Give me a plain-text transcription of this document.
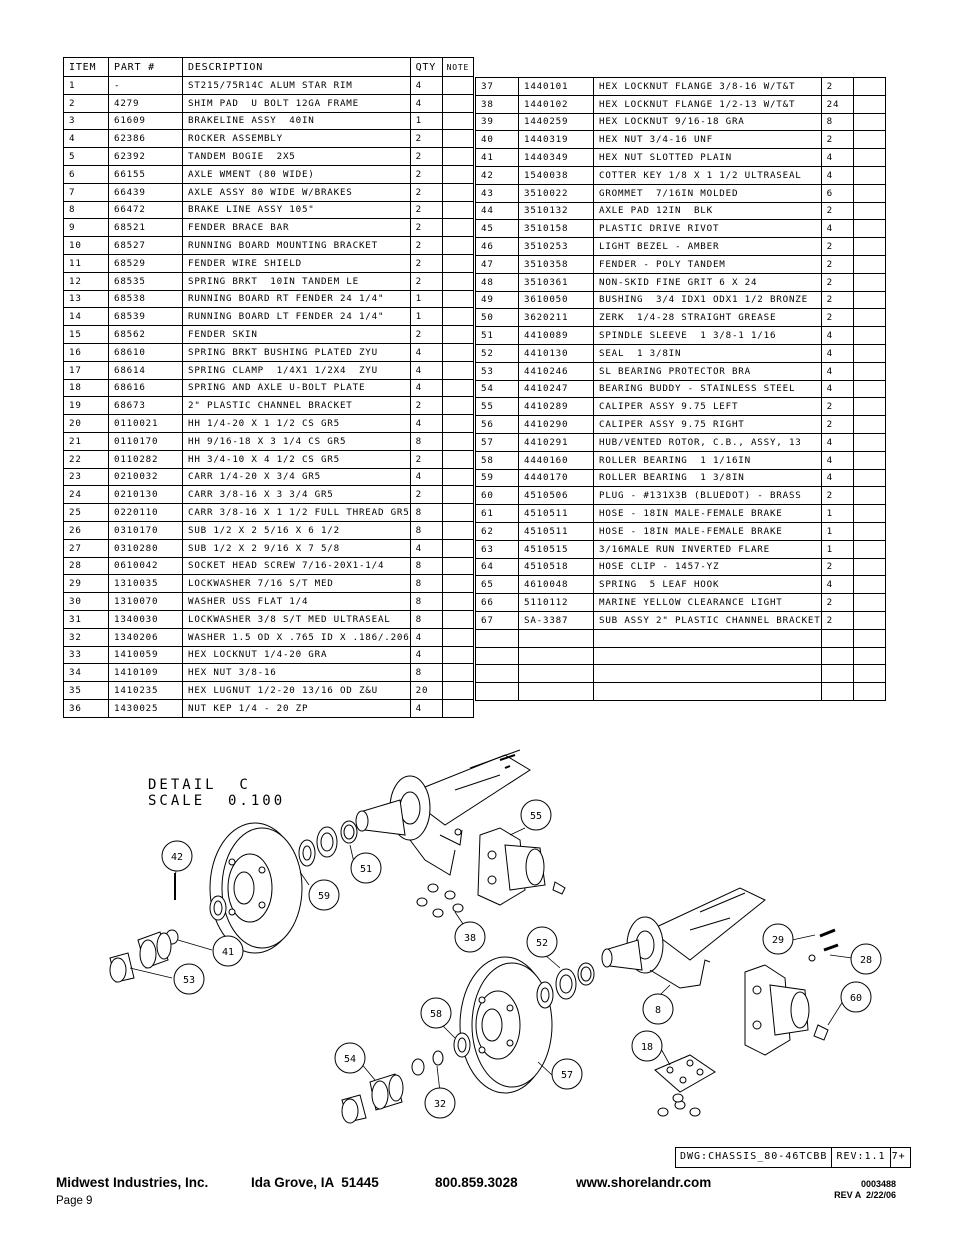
ITEM	PART #	DESCRIPTION	QTY	NOTE
1	-	ST215/75R14C ALUM STAR RIM	4	
2	4279	SHIM PAD  U BOLT 12GA FRAME	4	
3	61609	BRAKELINE ASSY  40IN	1	
4	62386	ROCKER ASSEMBLY	2	
5	62392	TANDEM BOGIE  2X5	2	
6	66155	AXLE WMENT (80 WIDE)	2	
7	66439	AXLE ASSY 80 WIDE W/BRAKES	2	
8	66472	BRAKE LINE ASSY 105"	2	
9	68521	FENDER BRACE BAR	2	
10	68527	RUNNING BOARD MOUNTING BRACKET	2	
11	68529	FENDER WIRE SHIELD	2	
12	68535	SPRING BRKT  10IN TANDEM LE	2	
13	68538	RUNNING BOARD RT FENDER 24 1/4"	1	
14	68539	RUNNING BOARD LT FENDER 24 1/4"	1	
15	68562	FENDER SKIN	2	
16	68610	SPRING BRKT BUSHING PLATED ZYU	4	
17	68614	SPRING CLAMP  1/4X1 1/2X4  ZYU	4	
18	68616	SPRING AND AXLE U-BOLT PLATE	4	
19	68673	2" PLASTIC CHANNEL BRACKET	2	
20	0110021	HH 1/4-20 X 1 1/2 CS GR5	4	
21	0110170	HH 9/16-18 X 3 1/4 CS GR5	8	
22	0110282	HH 3/4-10 X 4 1/2 CS GR5	2	
23	0210032	CARR 1/4-20 X 3/4 GR5	4	
24	0210130	CARR 3/8-16 X 3 3/4 GR5	2	
25	0220110	CARR 3/8-16 X 1 1/2 FULL THREAD GR5	8	
26	0310170	SUB 1/2 X 2 5/16 X 6 1/2	8	
27	0310280	SUB 1/2 X 2 9/16 X 7 5/8	4	
28	0610042	SOCKET HEAD SCREW 7/16-20X1-1/4	8	
29	1310035	LOCKWASHER 7/16 S/T MED	8	
30	1310070	WASHER USS FLAT 1/4	8	
31	1340030	LOCKWASHER 3/8 S/T MED ULTRASEAL	8	
32	1340206	WASHER 1.5 OD X .765 ID X .186/.206	4	
33	1410059	HEX LOCKNUT 1/4-20 GRA	4	
34	1410109	HEX NUT 3/8-16	8	
35	1410235	HEX LUGNUT 1/2-20 13/16 OD Z&U	20	
36	1430025	NUT KEP 1/4 - 20 ZP	4	
37	1440101	HEX LOCKNUT FLANGE 3/8-16 W/T&T	2	
38	1440102	HEX LOCKNUT FLANGE 1/2-13 W/T&T	24	
39	1440259	HEX LOCKNUT 9/16-18 GRA	8	
40	1440319	HEX NUT 3/4-16 UNF	2	
41	1440349	HEX NUT SLOTTED PLAIN	4	
42	1540038	COTTER KEY 1/8 X 1 1/2 ULTRASEAL	4	
43	3510022	GROMMET  7/16IN MOLDED	6	
44	3510132	AXLE PAD 12IN  BLK	2	
45	3510158	PLASTIC DRIVE RIVOT	4	
46	3510253	LIGHT BEZEL - AMBER	2	
47	3510358	FENDER - POLY TANDEM	2	
48	3510361	NON-SKID FINE GRIT 6 X 24	2	
49	3610050	BUSHING  3/4 IDX1 ODX1 1/2 BRONZE	2	
50	3620211	ZERK  1/4-28 STRAIGHT GREASE	2	
51	4410089	SPINDLE SLEEVE  1 3/8-1 1/16	4	
52	4410130	SEAL  1 3/8IN	4	
53	4410246	SL BEARING PROTECTOR BRA	4	
54	4410247	BEARING BUDDY - STAINLESS STEEL	4	
55	4410289	CALIPER ASSY 9.75 LEFT	2	
56	4410290	CALIPER ASSY 9.75 RIGHT	2	
57	4410291	HUB/VENTED ROTOR, C.B., ASSY, 13	4	
58	4440160	ROLLER BEARING  1 1/16IN	4	
59	4440170	ROLLER BEARING  1 3/8IN	4	
60	4510506	PLUG - #131X3B (BLUEDOT) - BRASS	2	
61	4510511	HOSE - 18IN MALE-FEMALE BRAKE	1	
62	4510511	HOSE - 18IN MALE-FEMALE BRAKE	1	
63	4510515	3/16MALE RUN INVERTED FLARE	1	
64	4510518	HOSE CLIP - 1457-YZ	2	
65	4610048	SPRING  5 LEAF HOOK	4	
66	5110112	MARINE YELLOW CLEARANCE LIGHT	2	
67	SA-3387	SUB ASSY 2" PLASTIC CHANNEL BRACKET	2	

DETAIL  C
SCALE  0.100
42
41
53
59
51
55
38	52	29
28
60
8
18
58
54
32
57
DWG:CHASSIS_80-46TCBB REV:1.1 7+
Midwest Industries, Inc.	Ida Grove, IA  51445	800.859.3028	www.shorelandr.com
Page 9
0003488
REV A  2/22/06
